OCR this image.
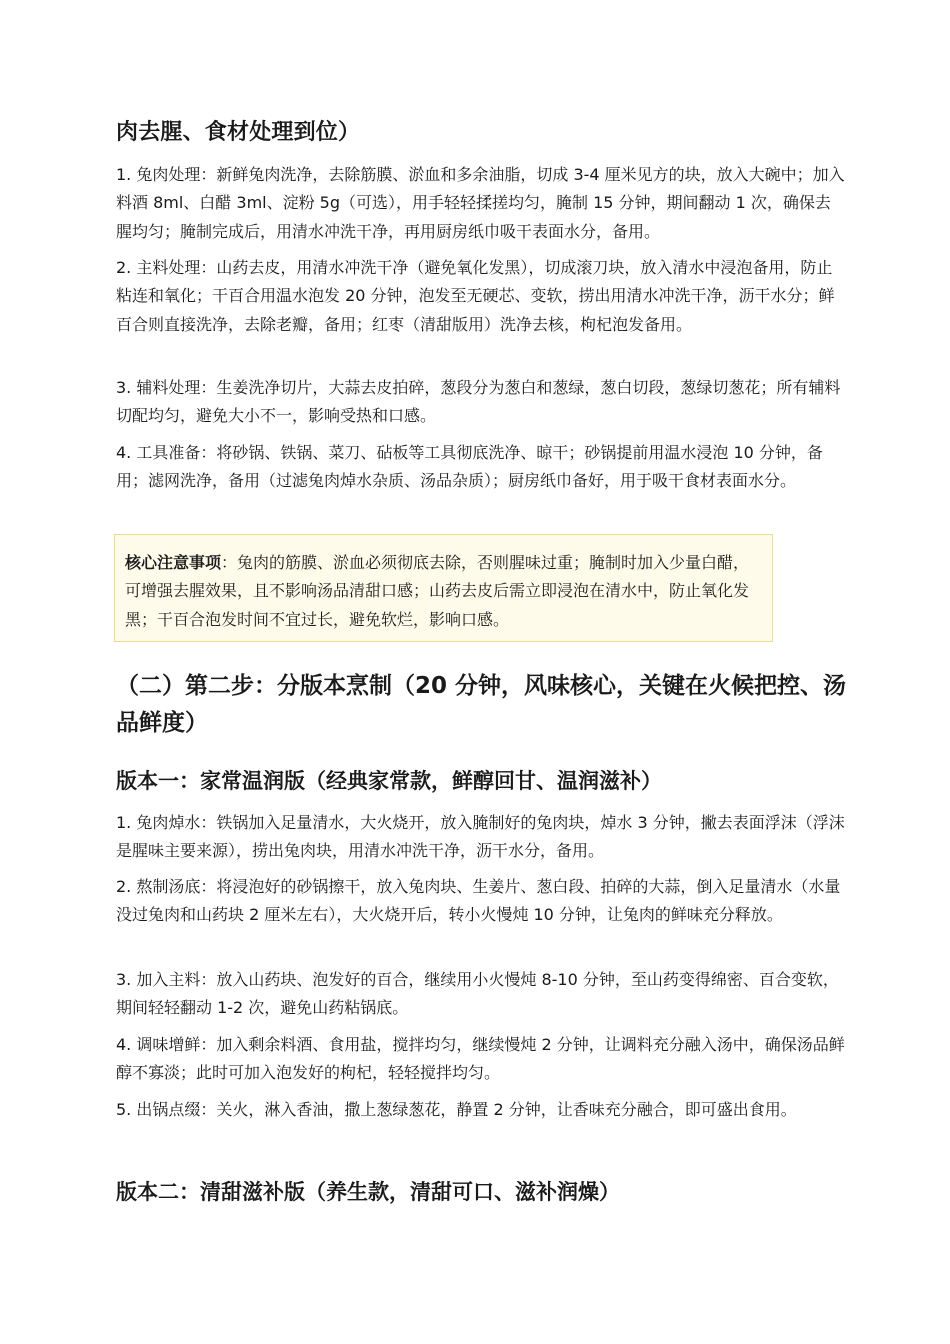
肉去腥、食材处理到位）

1. 兔肉处理：新鲜兔肉洗净，去除筋膜、淤血和多余油脂，切成 3-4 厘米见方的块，放入大碗中；加入料酒 8ml、白醋 3ml、淀粉 5g（可选），用手轻轻揉搓均匀，腌制 15 分钟，期间翻动 1 次，确保去腥均匀；腌制完成后，用清水冲洗干净，再用厨房纸巾吸干表面水分，备用。

2. 主料处理：山药去皮，用清水冲洗干净（避免氧化发黑），切成滚刀块，放入清水中浸泡备用，防止粘连和氧化；干百合用温水泡发 20 分钟，泡发至无硬芯、变软，捞出用清水冲洗干净，沥干水分；鲜百合则直接洗净，去除老瓣，备用；红枣（清甜版用）洗净去核，枸杞泡发备用。

3. 辅料处理：生姜洗净切片，大蒜去皮拍碎，葱段分为葱白和葱绿，葱白切段，葱绿切葱花；所有辅料切配均匀，避免大小不一，影响受热和口感。

4. 工具准备：将砂锅、铁锅、菜刀、砧板等工具彻底洗净、晾干；砂锅提前用温水浸泡 10 分钟，备用；滤网洗净，备用（过滤兔肉焯水杂质、汤品杂质）；厨房纸巾备好，用于吸干食材表面水分。

核心注意事项：兔肉的筋膜、淤血必须彻底去除，否则腥味过重；腌制时加入少量白醋，可增强去腥效果，且不影响汤品清甜口感；山药去皮后需立即浸泡在清水中，防止氧化发黑；干百合泡发时间不宜过长，避免软烂，影响口感。
（二）第二步：分版本烹制（20 分钟，风味核心，关键在火候把控、汤品鲜度）
版本一：家常温润版（经典家常款，鲜醇回甘、温润滋补）

1. 兔肉焯水：铁锅加入足量清水，大火烧开，放入腌制好的兔肉块，焯水 3 分钟，撇去表面浮沫（浮沫是腥味主要来源），捞出兔肉块，用清水冲洗干净，沥干水分，备用。

2. 熬制汤底：将浸泡好的砂锅擦干，放入兔肉块、生姜片、葱白段、拍碎的大蒜，倒入足量清水（水量没过兔肉和山药块 2 厘米左右），大火烧开后，转小火慢炖 10 分钟，让兔肉的鲜味充分释放。

3. 加入主料：放入山药块、泡发好的百合，继续用小火慢炖 8-10 分钟，至山药变得绵密、百合变软，期间轻轻翻动 1-2 次，避免山药粘锅底。

4. 调味增鲜：加入剩余料酒、食用盐，搅拌均匀，继续慢炖 2 分钟，让调料充分融入汤中，确保汤品鲜醇不寡淡；此时可加入泡发好的枸杞，轻轻搅拌均匀。

5. 出锅点缀：关火，淋入香油，撒上葱绿葱花，静置 2 分钟，让香味充分融合，即可盛出食用。

版本二：清甜滋补版（养生款，清甜可口、滋补润燥）
